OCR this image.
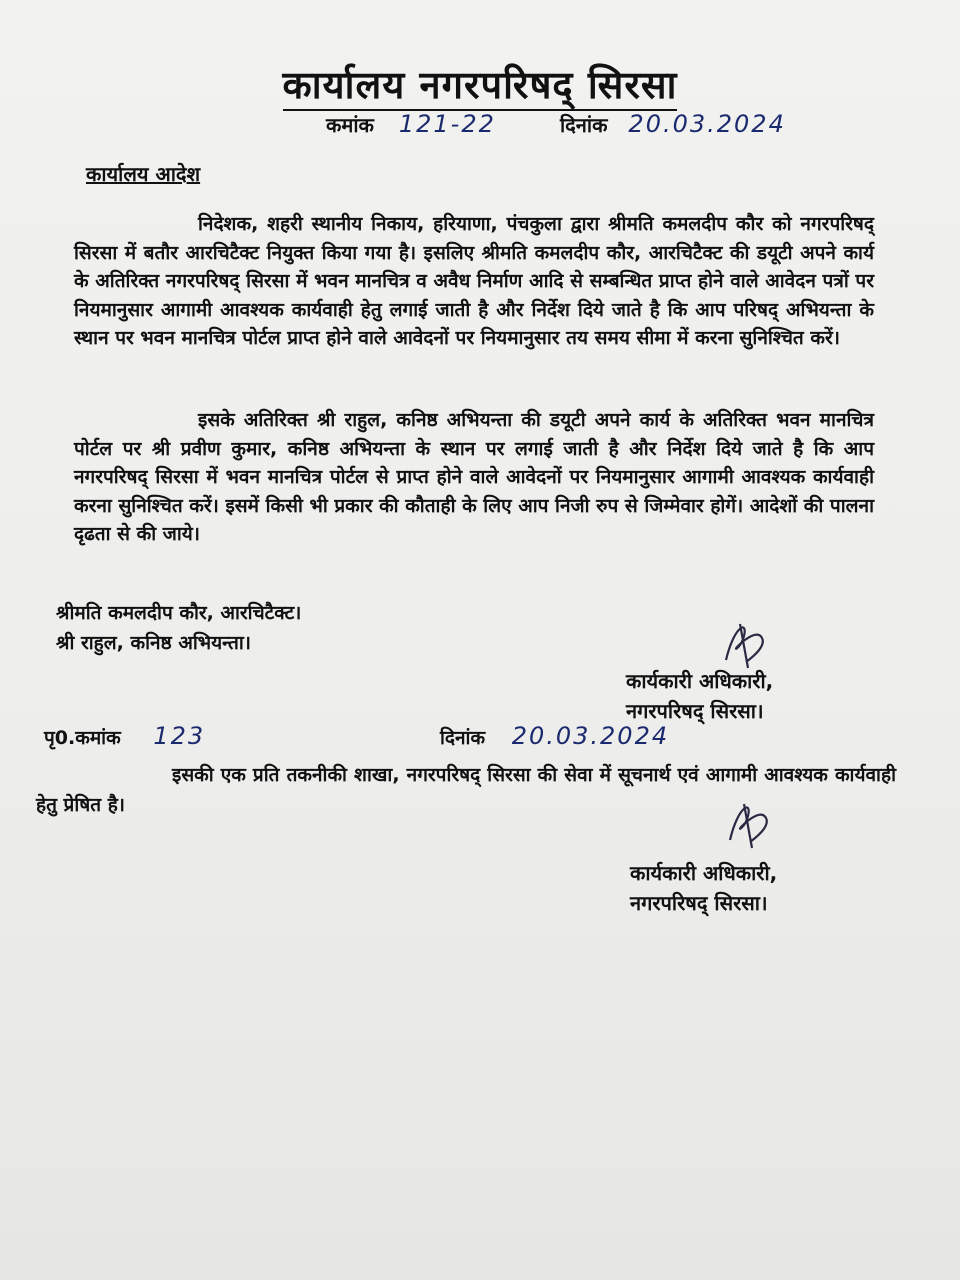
कार्यालय नगरपरिषद् सिरसा
कमांक 121-22	दिनांक 20.03.2024
कार्यालय आदेश
निदेशक, शहरी स्थानीय निकाय, हरियाणा, पंचकुला द्वारा श्रीमति कमलदीप कौर को नगरपरिषद् सिरसा में बतौर आरचिटैक्ट नियुक्त किया गया है। इसलिए श्रीमति कमलदीप कौर, आरचिटैक्ट की डयूटी अपने कार्य के अतिरिक्त नगरपरिषद् सिरसा में भवन मानचित्र व अवैध निर्माण आदि से सम्बन्धित प्राप्त होने वाले आवेदन पत्रों पर नियमानुसार आगामी आवश्यक कार्यवाही हेतु लगाई जाती है और निर्देश दिये जाते है कि आप परिषद् अभियन्ता के स्थान पर भवन मानचित्र पोर्टल प्राप्त होने वाले आवेदनों पर नियमानुसार तय समय सीमा में करना सुनिश्चित करें।
इसके अतिरिक्त श्री राहुल, कनिष्ठ अभियन्ता की डयूटी अपने कार्य के अतिरिक्त भवन मानचित्र पोर्टल पर श्री प्रवीण कुमार, कनिष्ठ अभियन्ता के स्थान पर लगाई जाती है और निर्देश दिये जाते है कि आप नगरपरिषद् सिरसा में भवन मानचित्र पोर्टल से प्राप्त होने वाले आवेदनों पर नियमानुसार आगामी आवश्यक कार्यवाही करना सुनिश्चित करें। इसमें किसी भी प्रकार की कौताही के लिए आप निजी रुप से जिम्मेवार होगें। आदेशों की पालना दृढता से की जाये।
श्रीमति कमलदीप कौर, आरचिटैक्ट।
श्री राहुल, कनिष्ठ अभियन्ता।
कार्यकारी अधिकारी,
नगरपरिषद् सिरसा।
पृ0.कमांक 123	दिनांक 20.03.2024
इसकी एक प्रति तकनीकी शाखा, नगरपरिषद् सिरसा की सेवा में सूचनार्थ एवं आगामी आवश्यक कार्यवाही हेतु प्रेषित है।
कार्यकारी अधिकारी,
नगरपरिषद् सिरसा।
